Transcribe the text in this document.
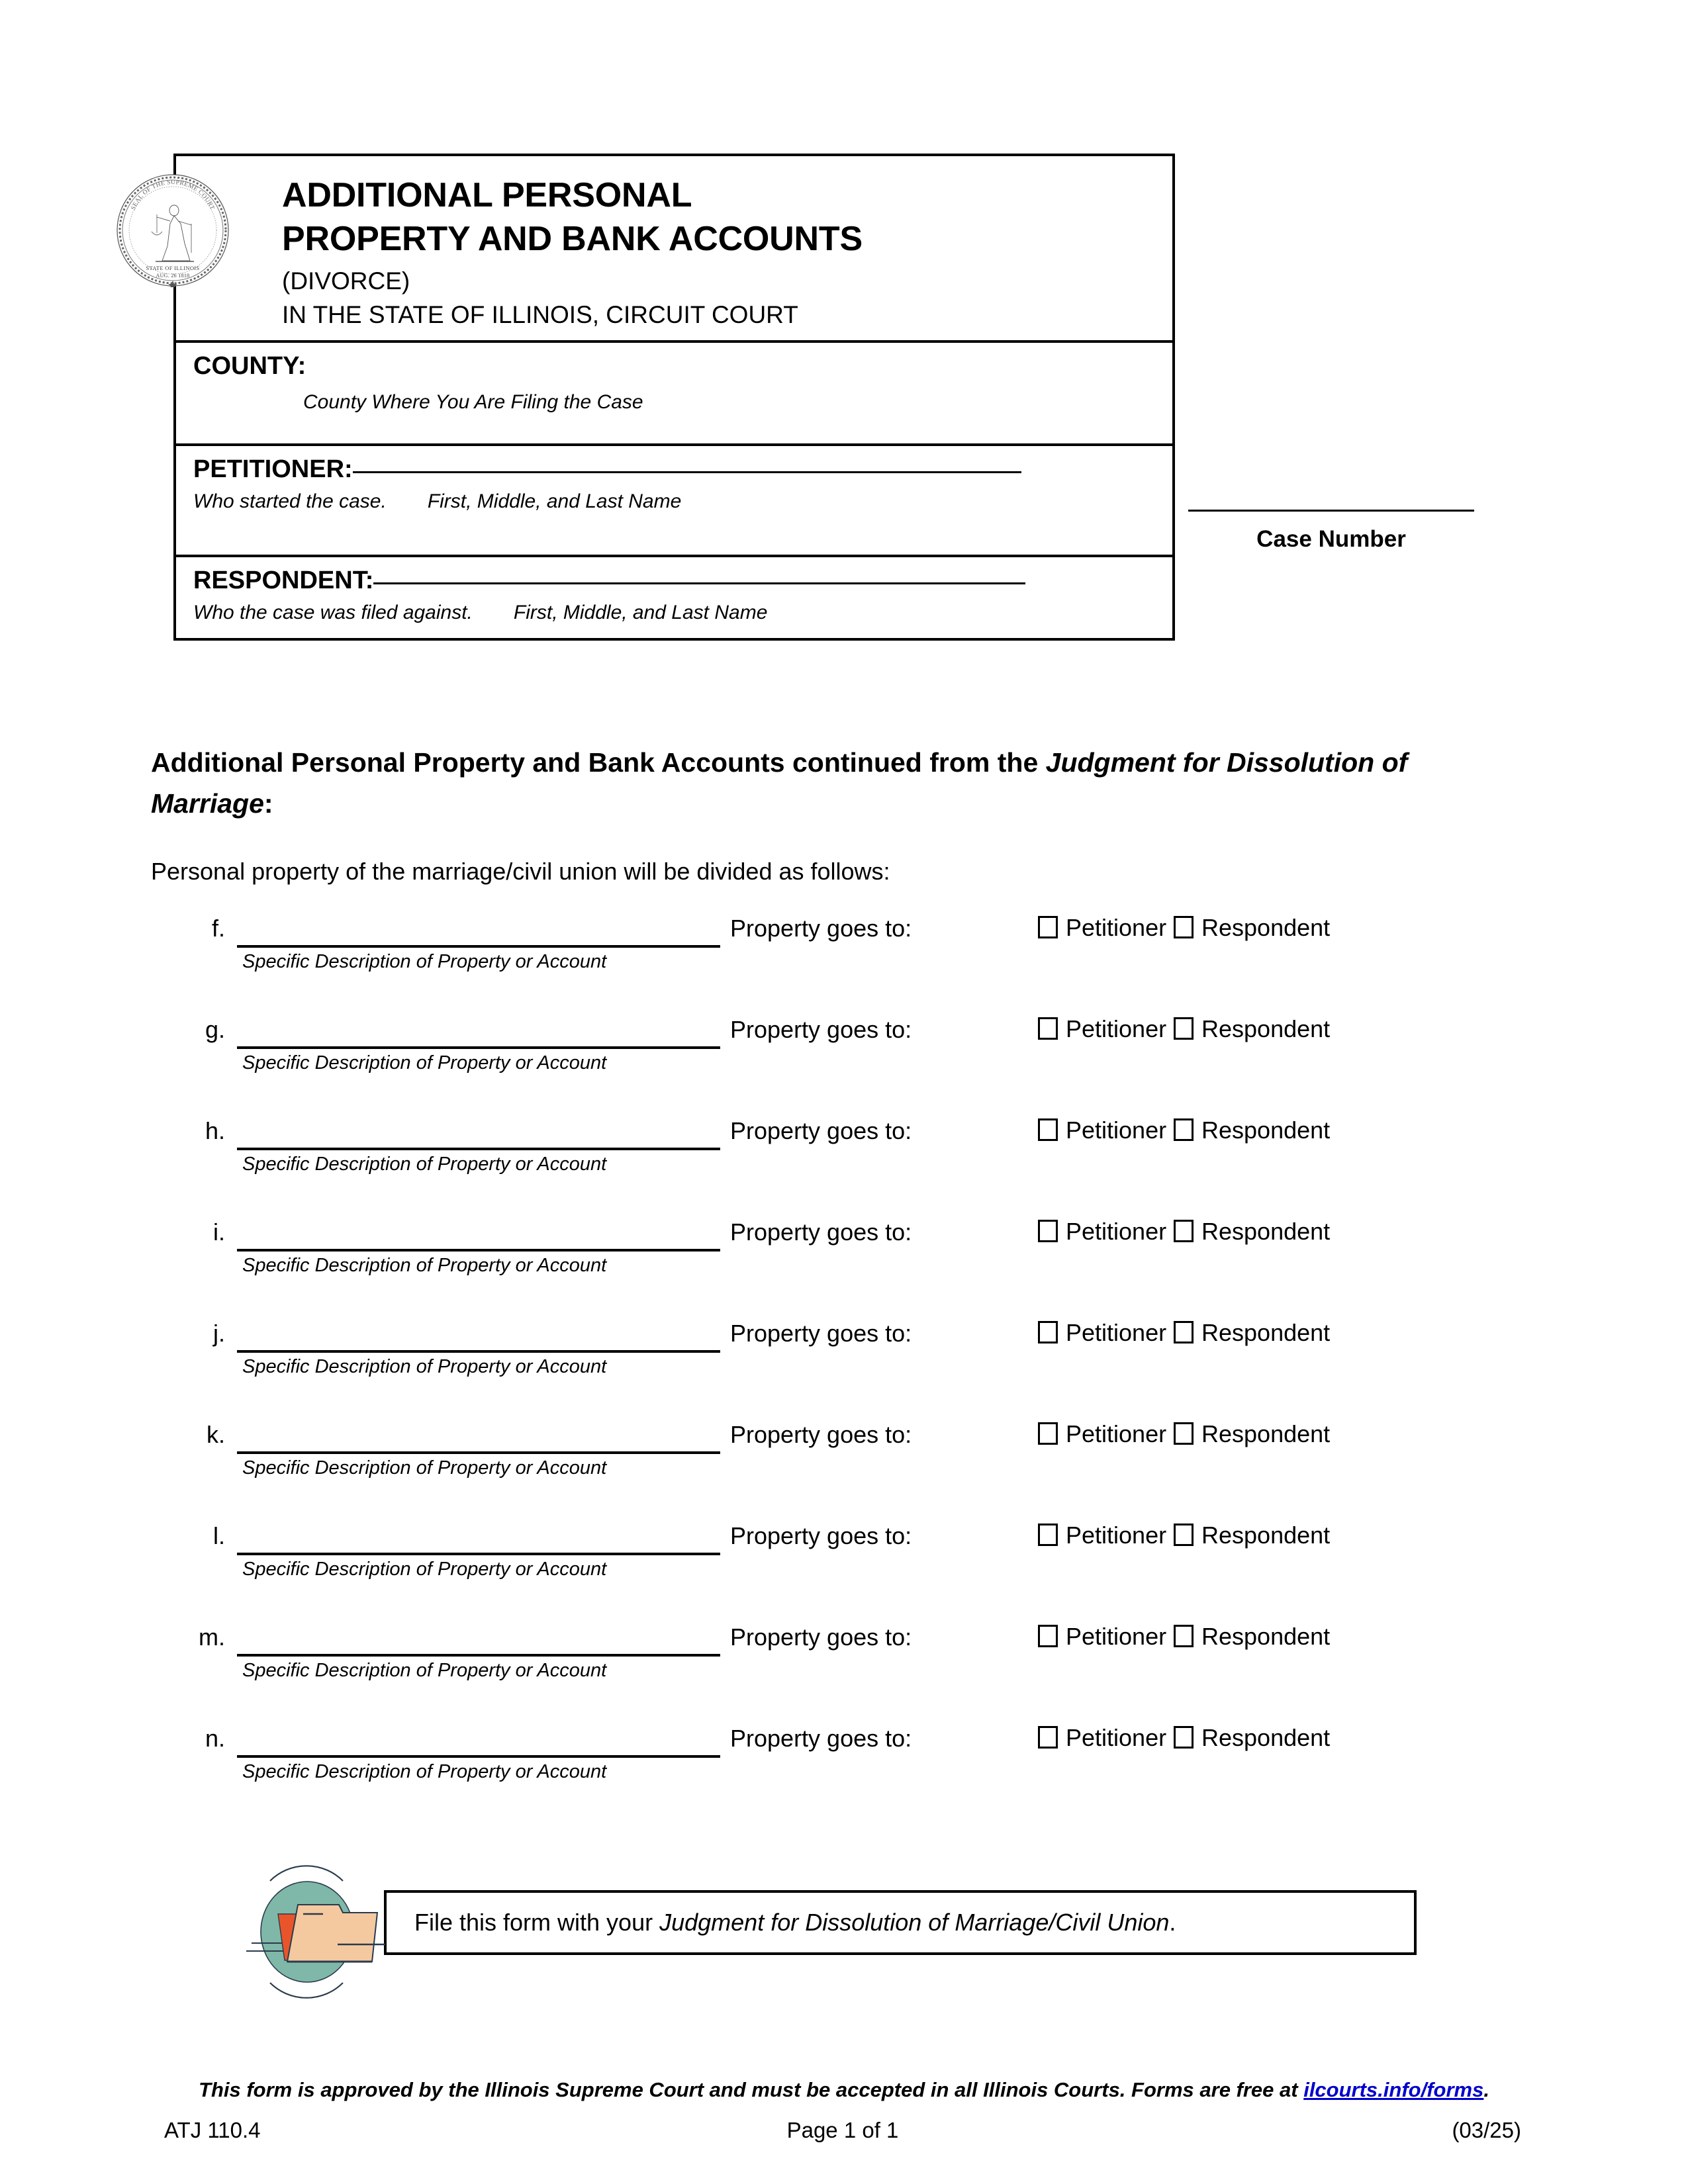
ADDITIONAL PERSONAL
PROPERTY AND BANK ACCOUNTS
(DIVORCE)
IN THE STATE OF ILLINOIS, CIRCUIT COURT
COUNTY:
County Where You Are Filing the Case
PETITIONER:
Who started the case. First, Middle, and Last Name
RESPONDENT:
Who the case was filed against. First, Middle, and Last Name
SEAL OF THE SUPREME COURT
STATE OF ILLINOIS
AUG. 26 1818
Case Number
Additional Personal Property and Bank Accounts continued from the Judgment for Dissolution of Marriage:
Personal property of the marriage/civil union will be divided as follows:
f.
Specific Description of Property or Account
Property goes to:	Petitioner Respondent
g.
Specific Description of Property or Account
Property goes to:	Petitioner Respondent
h.
Specific Description of Property or Account
Property goes to:	Petitioner Respondent
i.
Specific Description of Property or Account
Property goes to:	Petitioner Respondent
j.
Specific Description of Property or Account
Property goes to:	Petitioner Respondent
k.
Specific Description of Property or Account
Property goes to:	Petitioner Respondent
l.
Specific Description of Property or Account
Property goes to:	Petitioner Respondent
m.
Specific Description of Property or Account
Property goes to:	Petitioner Respondent
n.
Specific Description of Property or Account
Property goes to:	Petitioner Respondent
File this form with your Judgment for Dissolution of Marriage/Civil Union.
This form is approved by the Illinois Supreme Court and must be accepted in all Illinois Courts. Forms are free at ilcourts.info/forms.
ATJ 110.4	Page 1 of 1	(03/25)
